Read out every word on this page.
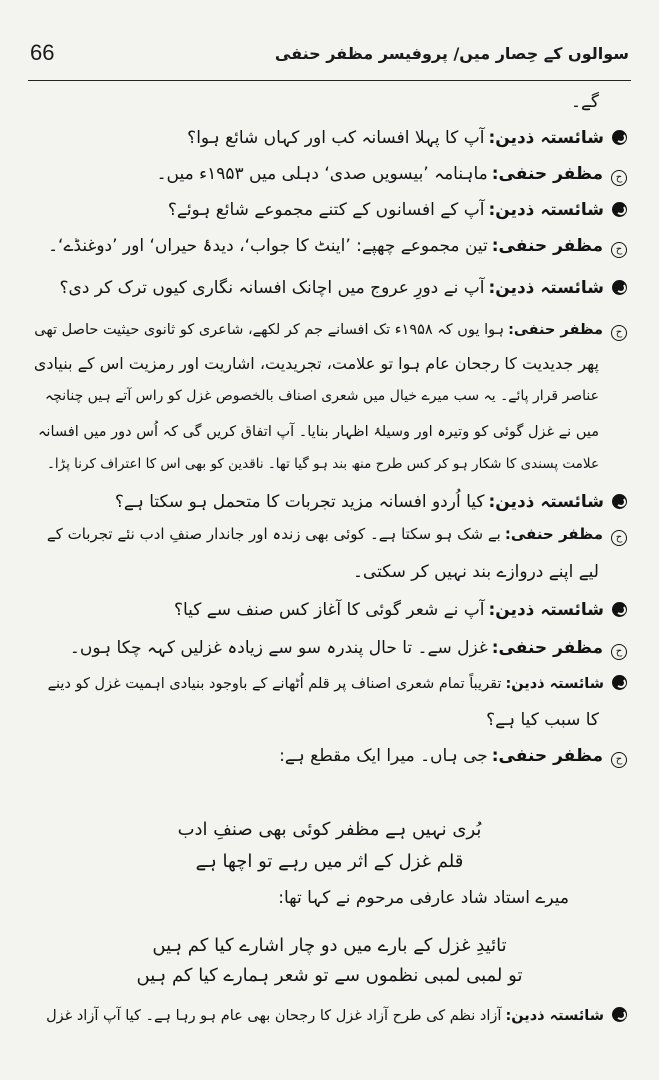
66	سوالوں کے حِصار میں/ پروفیسر مظفر حنفی
گے۔
شائستہ ذدین:آپ کا پہلا افسانہ کب اور کہاں شائع ہوا؟
حمظفر حنفی:ماہنامہ ’بیسویں صدی‘ دہلی میں ۱۹۵۳ء میں۔
شائستہ ذدین:آپ کے افسانوں کے کتنے مجموعے شائع ہوئے؟
حمظفر حنفی:تین مجموعے چھپے: ’اینٹ کا جواب‘، دیدۂ حیراں‘ اور ’دوغنڈے‘۔
شائستہ ذدین:آپ نے دورِ عروج میں اچانک افسانہ نگاری کیوں ترک کر دی؟
حمظفر حنفی:ہوا یوں کہ ۱۹۵۸ء تک افسانے جم کر لکھے، شاعری کو ثانوی حیثیت حاصل تھی
پھر جدیدیت کا رجحان عام ہوا تو علامت، تجریدیت، اشاریت اور رمزیت اس کے بنیادی
عناصر قرار پائے۔ یہ سب میرے خیال میں شعری اصناف بالخصوص غزل کو راس آتے ہیں چنانچہ
میں نے غزل گوئی کو وتیرہ اور وسیلۂ اظہار بنایا۔ آپ اتفاق کریں گی کہ اُس دور میں افسانہ
علامت پسندی کا شکار ہو کر کس طرح منھ بند ہو گیا تھا۔ ناقدین کو بھی اس کا اعتراف کرنا پڑا۔
شائستہ ذدین:کیا اُردو افسانہ مزید تجربات کا متحمل ہو سکتا ہے؟
حمظفر حنفی:بے شک ہو سکتا ہے۔ کوئی بھی زندہ اور جاندار صنفِ ادب نئے تجربات کے
لیے اپنے دروازے بند نہیں کر سکتی۔
شائستہ ذدین:آپ نے شعر گوئی کا آغاز کس صنف سے کیا؟
حمظفر حنفی:غزل سے۔ تا حال پندرہ سو سے زیادہ غزلیں کہہ چکا ہوں۔
شائستہ ذدین:تقریباً تمام شعری اصناف پر قلم اُٹھانے کے باوجود بنیادی اہمیت غزل کو دینے
کا سبب کیا ہے؟
حمظفر حنفی:جی ہاں۔ میرا ایک مقطع ہے:
بُری نہیں ہے مظفر کوئی بھی صنفِ ادب
قلم غزل کے اثر میں رہے تو اچھا ہے
میرے استاد شاد عارفی مرحوم نے کہا تھا:
تائیدِ غزل کے بارے میں دو چار اشارے کیا کم ہیں
تو لمبی لمبی نظموں سے تو شعر ہمارے کیا کم ہیں
شائستہ ذدین:آزاد نظم کی طرح آزاد غزل کا رجحان بھی عام ہو رہا ہے۔ کیا آپ آزاد غزل
